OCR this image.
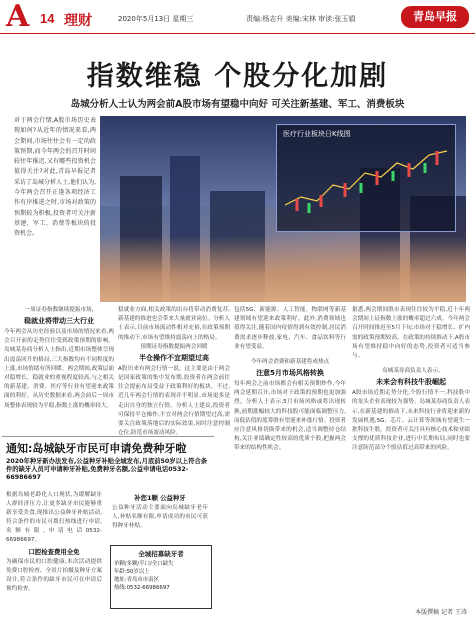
A 14 理财	2020年5月13日 星期三	责编:杨志升 美编:宋林 审读:张玉娟	青岛早报
指数维稳 个股分化加剧
岛城分析人士认为两会前A股市场有望稳中向好 可关注新基建、军工、消费板块
对于两会行情,A股市场历史表现如何?从近年的情况来看,两会期间,市场往往会有一定的政策预期,而今年两会的召开时间较往年推迟,又有哪些投资机会值得关注?对此,青岛早报记者采访了岛城分析人士,他们认为,今年两会召开正逢各项经济工作有序推进之时,市场对政策的预期较为积极,投资者可关注新基建、军工、消费等板块的投资机会。
医疗行业板块日K线图
一周证券指数继续提振市场,
稳就业将带动三大行业
今年两会从历史经验以及市场的情况来看,两会召开前的走势往往受到政策预期的影响。岛城某券商分析人士指出,近期市场整体呈现出震荡回升的格局,三大指数均有不同程度的上涨,市场情绪有所回暖。两会期间,政策层面对稳增长、稳就业的重视程度较高,与之相关的新基建、消费、医疗等行业有望迎来政策面的利好。从历史数据来看,两会前后一周市场整体表现较为平稳,指数上涨的概率较大。
稳就业方面,相关政策的出台将带动消费复苏,新基建的推进也会带来大量就业岗位。分析人士表示,目前市场流动性相对充裕,在政策预期的推动下,市场有望维持震荡向上的格局。
预期证券指数提振两会回暖
半仓操作不宜期望过高
A股历来有两会行情一说。这主要是由于两会是国家政策的集中发布期,投资者在两会前往往会提前布局受益于政策利好的板块。不过,近几年两会行情的表现并不明显,市场更多是走出自身的独立行情。分析人士建议,投资者可保持半仓操作,不宜对两会行情期望过高,需要关注政策落地后的实际效果,同时注意控制仓位,防范市场波动风险。
包括5G、新能源、人工智能、物联网等新基建领域有望迎来政策利好。此外,消费领域也值得关注,随着国内疫情得到有效控制,居民消费需求逐步释放,家电、汽车、食品饮料等行业有望受益。
今年两会消费和新基建将成热点
注意5月市场风格转换
每年两会之前市场都会有相关预期炒作,今年两会延期召开,市场对于政策的预期也更加强烈。分析人士表示,5月市场风格或将出现转换,前期涨幅较大的科技股可能面临调整压力,而低估值的蓝筹股有望迎来补涨行情。投资者应注意风格切换带来的机会,适当调整持仓结构,关注业绩确定性较高的优质个股,把握两会带来的结构性机会。
据悉,两会期间股市表现往往较为平稳,近十年两会期间上证指数上涨的概率超过六成。今年两会召开时间推迟至5月下旬,市场对于稳增长、扩内需的政策预期较高。在政策的持续推动下,A股市场有望维持稳中向好的态势,投资者可适当参与。
岛城某券商负责人表示,
未来会有科技牛股崛起
A股市场近期走势分化,个股行情不一,科技股中的龙头企业表现较为强势。岛城某券商负责人表示,在新基建的推动下,未来科技行业将迎来新的发展机遇,5G、芯片、云计算等领域有望诞生一批科技牛股。投资者可关注具有核心技术和业绩支撑的优质科技企业,进行中长期布局,同时也要注意防范部分个股估值过高带来的风险。
本版撰稿 记者 王涛
通知:岛城缺牙市民可申请免费种牙啦
2020年种牙新办法发布,公益种牙补贴全城发布,月底前50岁以上符合条件的缺牙人员可申请种牙补贴,免费种牙名额,公益申请电话0532-66986697
根据岛城老龄化人口现状,为缓解缺牙人群经济压力,让更多缺牙市民能够重新享受美食,现推出公益种牙补贴活动,符合条件的市民可拨打热线进行申请,名额有限,申请电话0532-66986697。
口腔检查费用全免
为确保市民的口腔健康,本次活动提供免费口腔检查、全景片拍摄及种牙方案设计,符合条件的缺牙市民可在申请后预约检查。
补您1颗 公益种牙
公益种牙活动主要面向岛城缺牙老年人,补贴名额有限,申请成功的市民可获得种牙补贴。
全城招募缺牙者
单颗/多颗/半口/全口缺失
年龄:50岁以上
地址:青岛市市南区
热线:0532-66986697
